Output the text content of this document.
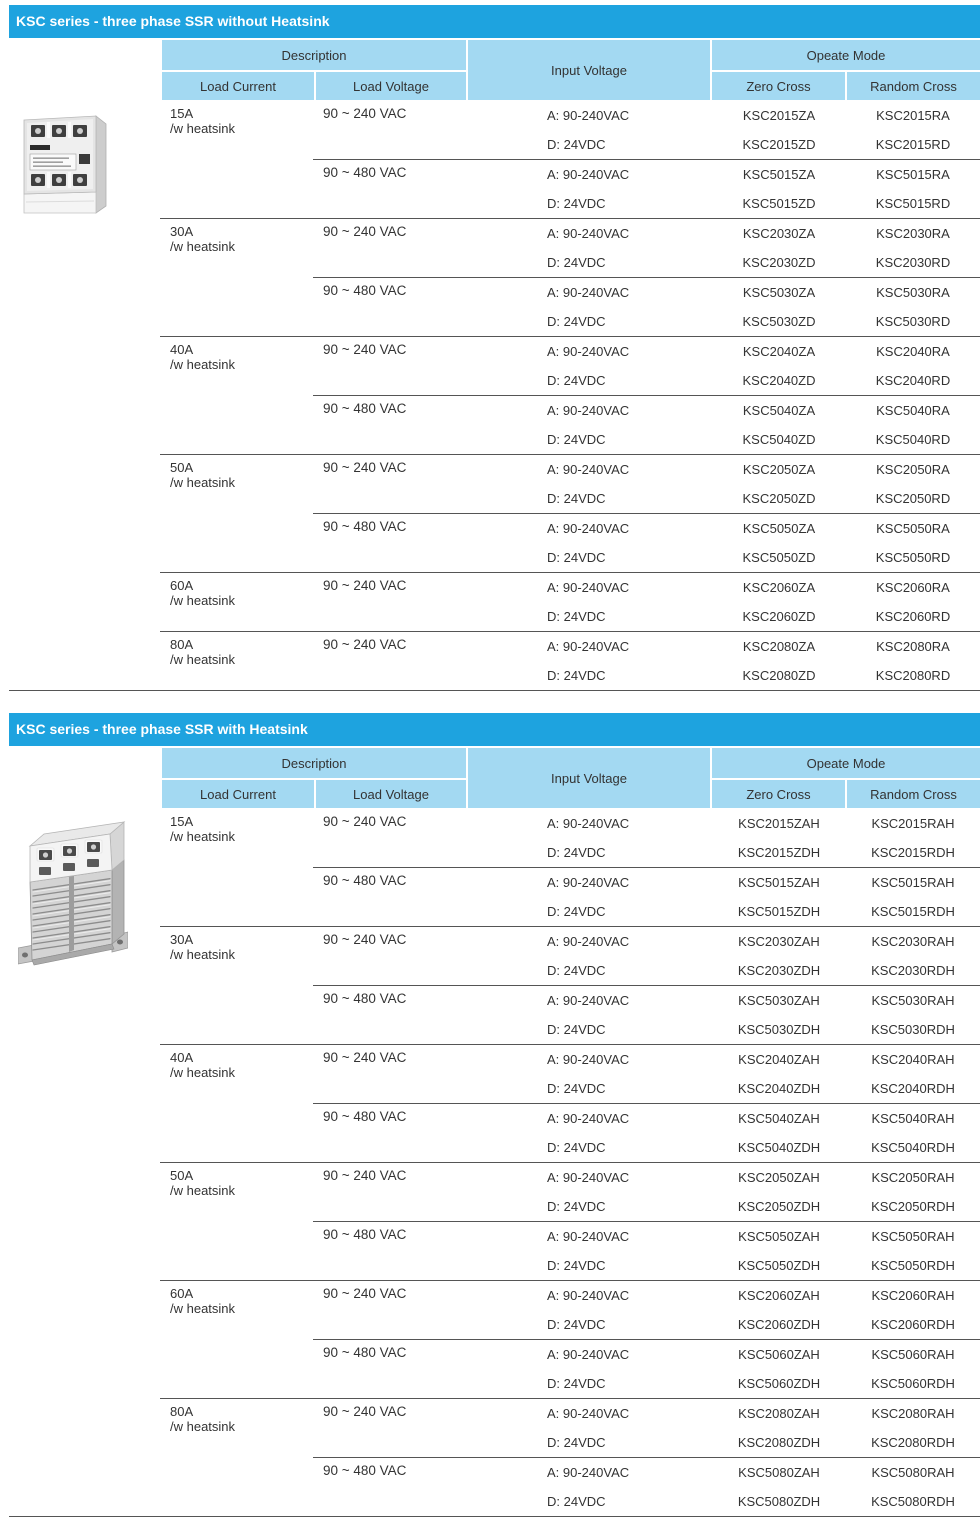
KSC series - three phase SSR without Heatsink
Description
Input Voltage
Opeate Mode
Load Current	Load Voltage	Zero Cross	Random Cross
15A
/w heatsink
90 ~ 240 VAC	A: 90-240VAC	KSC2015ZA	KSC2015RA
D: 24VDC	KSC2015ZD	KSC2015RD
90 ~ 480 VAC	A: 90-240VAC	KSC5015ZA	KSC5015RA
D: 24VDC	KSC5015ZD	KSC5015RD
30A
/w heatsink
90 ~ 240 VAC	A: 90-240VAC	KSC2030ZA	KSC2030RA
D: 24VDC	KSC2030ZD	KSC2030RD
90 ~ 480 VAC	A: 90-240VAC	KSC5030ZA	KSC5030RA
D: 24VDC	KSC5030ZD	KSC5030RD
40A
/w heatsink
90 ~ 240 VAC	A: 90-240VAC	KSC2040ZA	KSC2040RA
D: 24VDC	KSC2040ZD	KSC2040RD
90 ~ 480 VAC	A: 90-240VAC	KSC5040ZA	KSC5040RA
D: 24VDC	KSC5040ZD	KSC5040RD
50A
/w heatsink
90 ~ 240 VAC	A: 90-240VAC	KSC2050ZA	KSC2050RA
D: 24VDC	KSC2050ZD	KSC2050RD
90 ~ 480 VAC	A: 90-240VAC	KSC5050ZA	KSC5050RA
D: 24VDC	KSC5050ZD	KSC5050RD
60A
/w heatsink
90 ~ 240 VAC	A: 90-240VAC	KSC2060ZA	KSC2060RA
D: 24VDC	KSC2060ZD	KSC2060RD
80A
/w heatsink
90 ~ 240 VAC	A: 90-240VAC	KSC2080ZA	KSC2080RA
D: 24VDC	KSC2080ZD	KSC2080RD
KSC series - three phase SSR with Heatsink
Description
Input Voltage
Opeate Mode
Load Current	Load Voltage	Zero Cross	Random Cross
15A
/w heatsink
90 ~ 240 VAC	A: 90-240VAC	KSC2015ZAH	KSC2015RAH
D: 24VDC	KSC2015ZDH	KSC2015RDH
90 ~ 480 VAC	A: 90-240VAC	KSC5015ZAH	KSC5015RAH
D: 24VDC	KSC5015ZDH	KSC5015RDH
30A
/w heatsink
90 ~ 240 VAC	A: 90-240VAC	KSC2030ZAH	KSC2030RAH
D: 24VDC	KSC2030ZDH	KSC2030RDH
90 ~ 480 VAC	A: 90-240VAC	KSC5030ZAH	KSC5030RAH
D: 24VDC	KSC5030ZDH	KSC5030RDH
40A
/w heatsink
90 ~ 240 VAC	A: 90-240VAC	KSC2040ZAH	KSC2040RAH
D: 24VDC	KSC2040ZDH	KSC2040RDH
90 ~ 480 VAC	A: 90-240VAC	KSC5040ZAH	KSC5040RAH
D: 24VDC	KSC5040ZDH	KSC5040RDH
50A
/w heatsink
90 ~ 240 VAC	A: 90-240VAC	KSC2050ZAH	KSC2050RAH
D: 24VDC	KSC2050ZDH	KSC2050RDH
90 ~ 480 VAC	A: 90-240VAC	KSC5050ZAH	KSC5050RAH
D: 24VDC	KSC5050ZDH	KSC5050RDH
60A
/w heatsink
90 ~ 240 VAC	A: 90-240VAC	KSC2060ZAH	KSC2060RAH
D: 24VDC	KSC2060ZDH	KSC2060RDH
90 ~ 480 VAC	A: 90-240VAC	KSC5060ZAH	KSC5060RAH
D: 24VDC	KSC5060ZDH	KSC5060RDH
80A
/w heatsink
90 ~ 240 VAC	A: 90-240VAC	KSC2080ZAH	KSC2080RAH
D: 24VDC	KSC2080ZDH	KSC2080RDH
90 ~ 480 VAC	A: 90-240VAC	KSC5080ZAH	KSC5080RAH
D: 24VDC	KSC5080ZDH	KSC5080RDH
